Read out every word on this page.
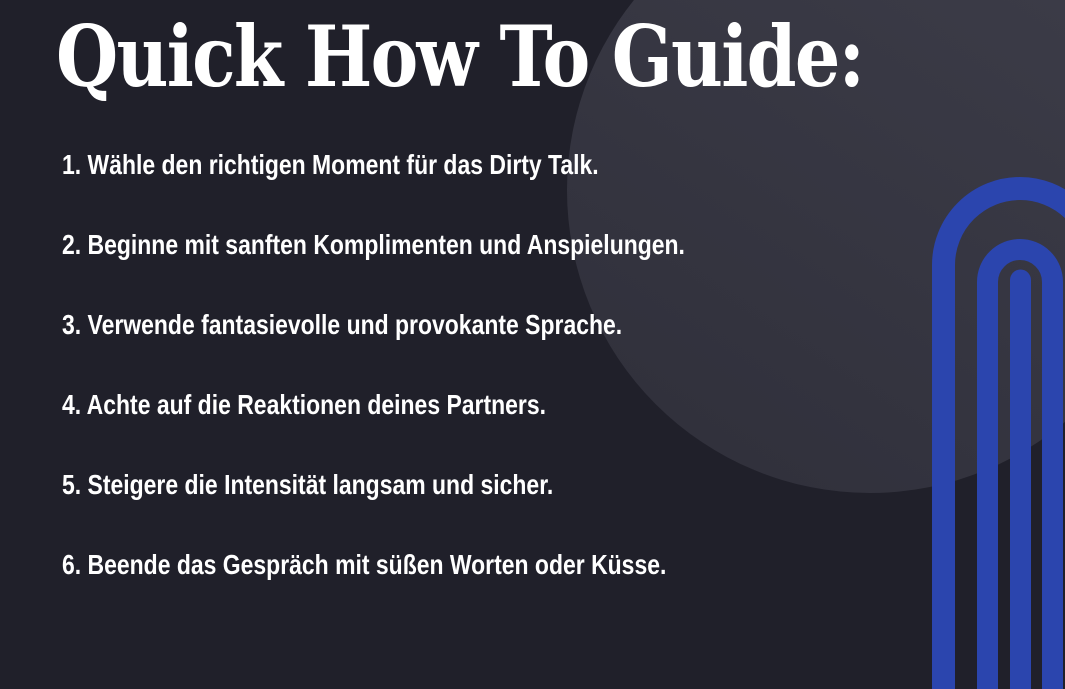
Quick How To Guide:
1. Wähle den richtigen Moment für das Dirty Talk.
2. Beginne mit sanften Komplimenten und Anspielungen.
3. Verwende fantasievolle und provokante Sprache.
4. Achte auf die Reaktionen deines Partners.
5. Steigere die Intensität langsam und sicher.
6. Beende das Gespräch mit süßen Worten oder Küsse.
